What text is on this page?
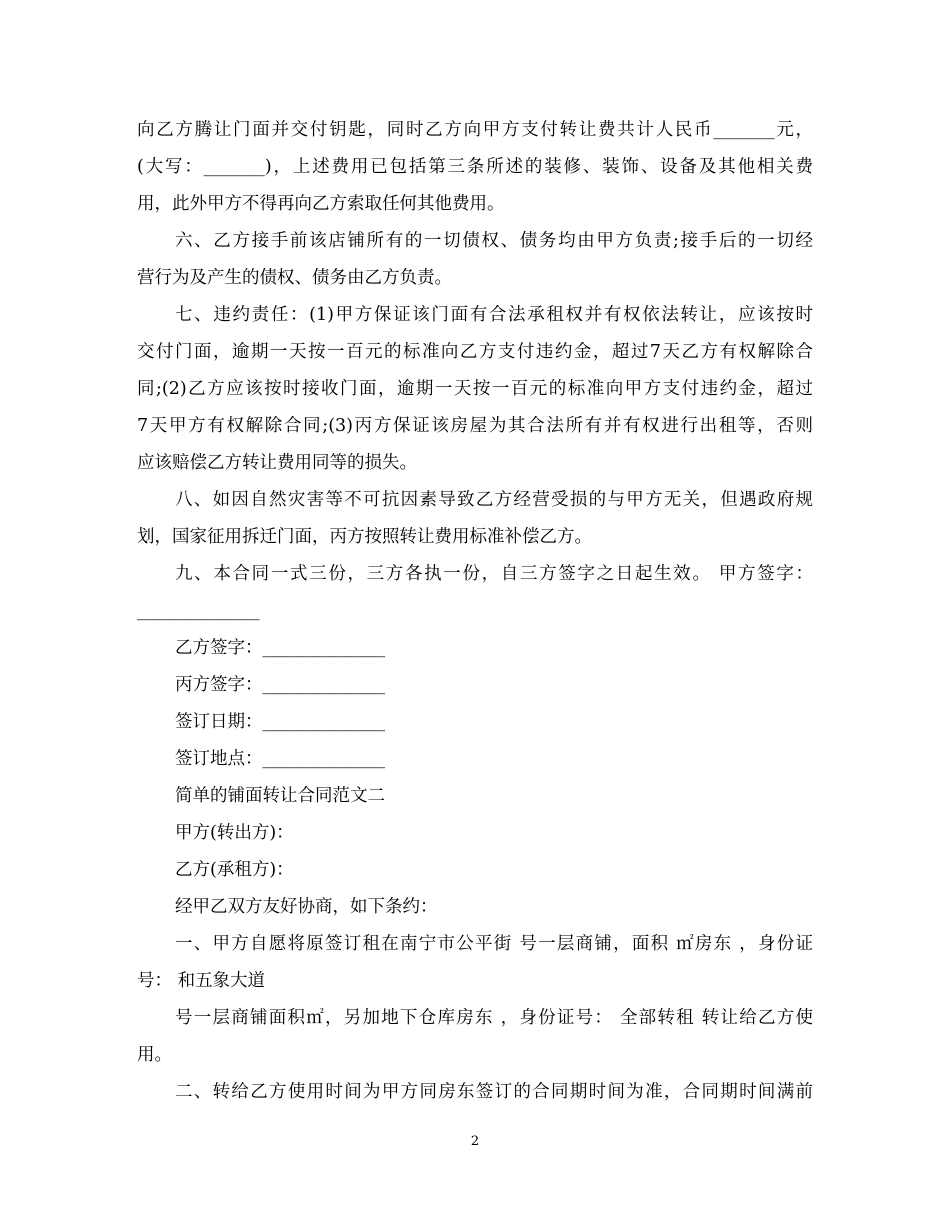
向乙方腾让门面并交付钥匙，同时乙方向甲方支付转让费共计人民币_______元，
(大写：_______)，上述费用已包括第三条所述的装修、装饰、设备及其他相关费
用，此外甲方不得再向乙方索取任何其他费用。
六、乙方接手前该店铺所有的一切债权、债务均由甲方负责;接手后的一切经
营行为及产生的债权、债务由乙方负责。
七、违约责任：(1)甲方保证该门面有合法承租权并有权依法转让，应该按时
交付门面，逾期一天按一百元的标准向乙方支付违约金，超过7天乙方有权解除合
同;(2)乙方应该按时接收门面，逾期一天按一百元的标准向甲方支付违约金，超过
7天甲方有权解除合同;(3)丙方保证该房屋为其合法所有并有权进行出租等，否则
应该赔偿乙方转让费用同等的损失。
八、如因自然灾害等不可抗因素导致乙方经营受损的与甲方无关，但遇政府规
划，国家征用拆迁门面，丙方按照转让费用标准补偿乙方。
九、本合同一式三份，三方各执一份，自三方签字之日起生效。 甲方签字：
______________
乙方签字：______________
丙方签字：______________
签订日期：______________
签订地点：______________
简单的铺面转让合同范文二
甲方(转出方)：
乙方(承租方)：
经甲乙双方友好协商，如下条约：
一、甲方自愿将原签订租在南宁市公平街 号一层商铺，面积 ㎡房东 ，身份证
号： 和五象大道
号一层商铺面积㎡，另加地下仓库房东 ，身份证号： 全部转租 转让给乙方使
用。
二、转给乙方使用时间为甲方同房东签订的合同期时间为准，合同期时间满前
2
